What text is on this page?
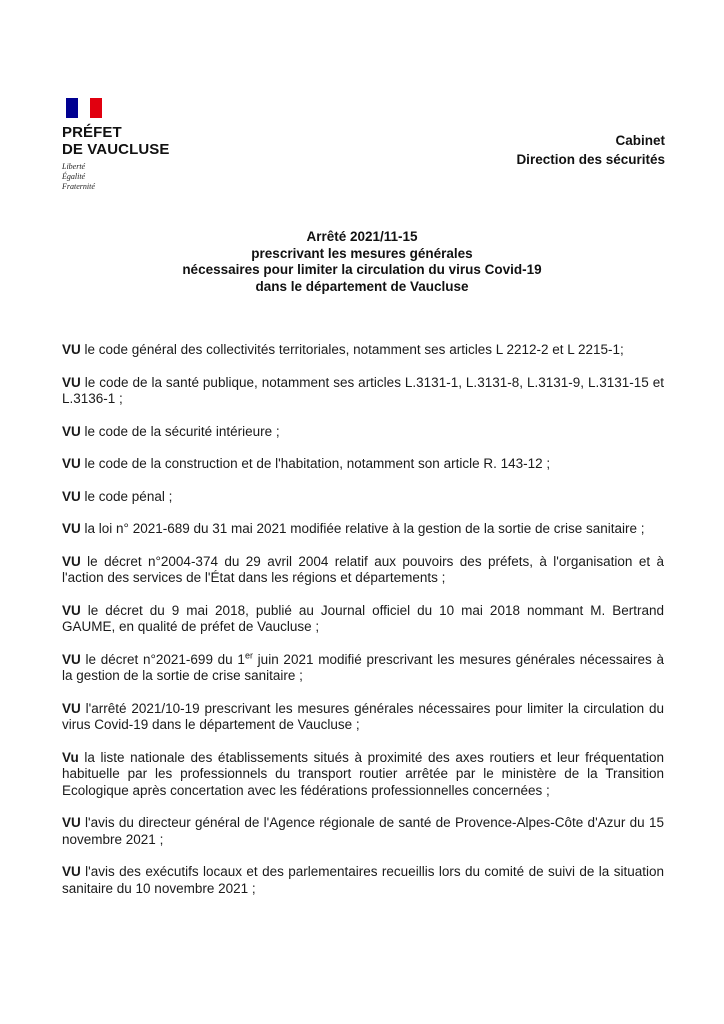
PRÉFET
DE VAUCLUSE
Liberté
Égalité
Fraternité
Cabinet
Direction des sécurités
Arrêté 2021/11-15
prescrivant les mesures générales
nécessaires pour limiter la circulation du virus Covid-19
dans le département de Vaucluse

VU le code général des collectivités territoriales, notamment ses articles L 2212-2 et L 2215-1;

VU le code de la santé publique, notamment ses articles L.3131-1, L.3131-8, L.3131-9, L.3131-15 et L.3136-1 ;

VU le code de la sécurité intérieure ;

VU le code de la construction et de l'habitation, notamment son article R. 143-12 ;

VU le code pénal ;

VU la loi n° 2021-689 du 31 mai 2021 modifiée relative à la gestion de la sortie de crise sanitaire ;

VU le décret n°2004-374 du 29 avril 2004 relatif aux pouvoirs des préfets, à l'organisation et à l'action des services de l'État dans les régions et départements ;

VU le décret du 9 mai 2018, publié au Journal officiel du 10 mai 2018 nommant M. Bertrand GAUME, en qualité de préfet de Vaucluse ;

VU le décret n°2021-699 du 1er juin 2021 modifié prescrivant les mesures générales nécessaires à la gestion de la sortie de crise sanitaire ;

VU l'arrêté 2021/10-19 prescrivant les mesures générales nécessaires pour limiter la circulation du virus Covid-19 dans le département de Vaucluse ;

Vu la liste nationale des établissements situés à proximité des axes routiers et leur fréquentation habituelle par les professionnels du transport routier arrêtée par le ministère de la Transition Ecologique après concertation avec les fédérations professionnelles concernées ;

VU l'avis du directeur général de l'Agence régionale de santé de Provence-Alpes-Côte d'Azur du 15 novembre 2021 ;

VU l'avis des exécutifs locaux et des parlementaires recueillis lors du comité de suivi de la situation sanitaire du 10 novembre 2021 ;
